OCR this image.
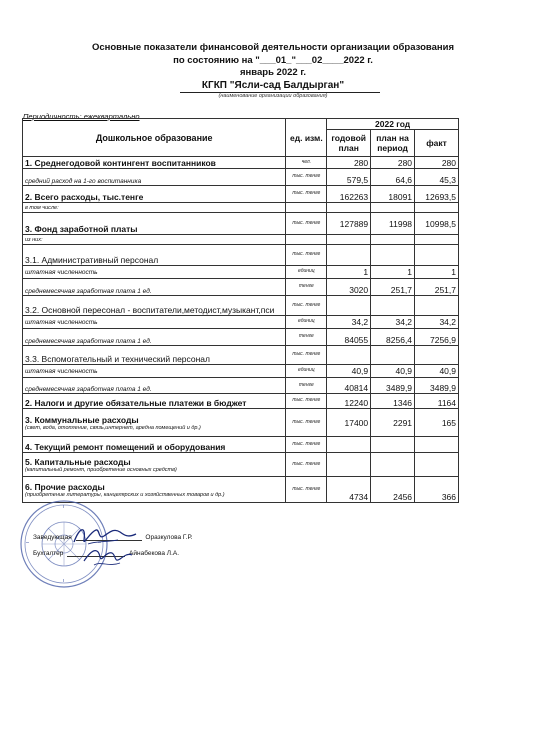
Основные показатели финансовой деятельности организации образования
по состоянию на "___01_"___02____2022 г.
январь 2022 г.
КГКП "Ясли-сад Балдырган"
(наименование организации образования)
Периодичность: ежеквартально
Дошкольное образование	ед. изм.	2022 год		
		годовой план	план на период	факт
1. Среднегодовой контингент воспитанников	чел.	280	280	280
средний расход на 1-го воспитанника	тыс. тенге	579,5	64,6	45,3
2. Всего расходы, тыс.тенге	тыс. тенге	162263	18091	12693,5
в том числе:				
3. Фонд заработной платы	тыс. тенге	127889	11998	10998,5
из них:				
3.1. Административный персонал	тыс. тенге			
штатная численность	единиц	1	1	1
среднемесячная заработная плата 1 ед.	тенге	3020	251,7	251,7
3.2. Основной пересонал - воспитатели,методист,музыкант,пси	тыс. тенге			
штатная численность	единиц	34,2	34,2	34,2
среднемесячная заработная плата 1 ед.	тенге	84055	8256,4	7256,9
3.3. Вспомогательный и технический персонал	тыс. тенге			
штатная численность	единиц	40,9	40,9	40,9
среднемесячная заработная плата 1 ед.	тенге	40814	3489,9	3489,9
2. Налоги и другие обязательные платежи в бюджет	тыс. тенге	12240	1346	1164

3. Коммунальные расходы
(свет, вода, отопление, связь,интернет, аредна помещений и др.)	тыс. тенге	17400	2291	165
4. Текущий ремонт помещений и оборудования	тыс. тенге			

5. Капитальные расходы
(капитальный ремонт, приобретение основных средств)	тыс. тенге			

6. Прочие расходы
(приобретение литературы, канцелярских и хозяйственных товаров и др.)	тыс. тенге	4734	2456	366
Заведующая	Оразкулова Г.Р.
Бухгалтер	Айнабекова Л.А.
